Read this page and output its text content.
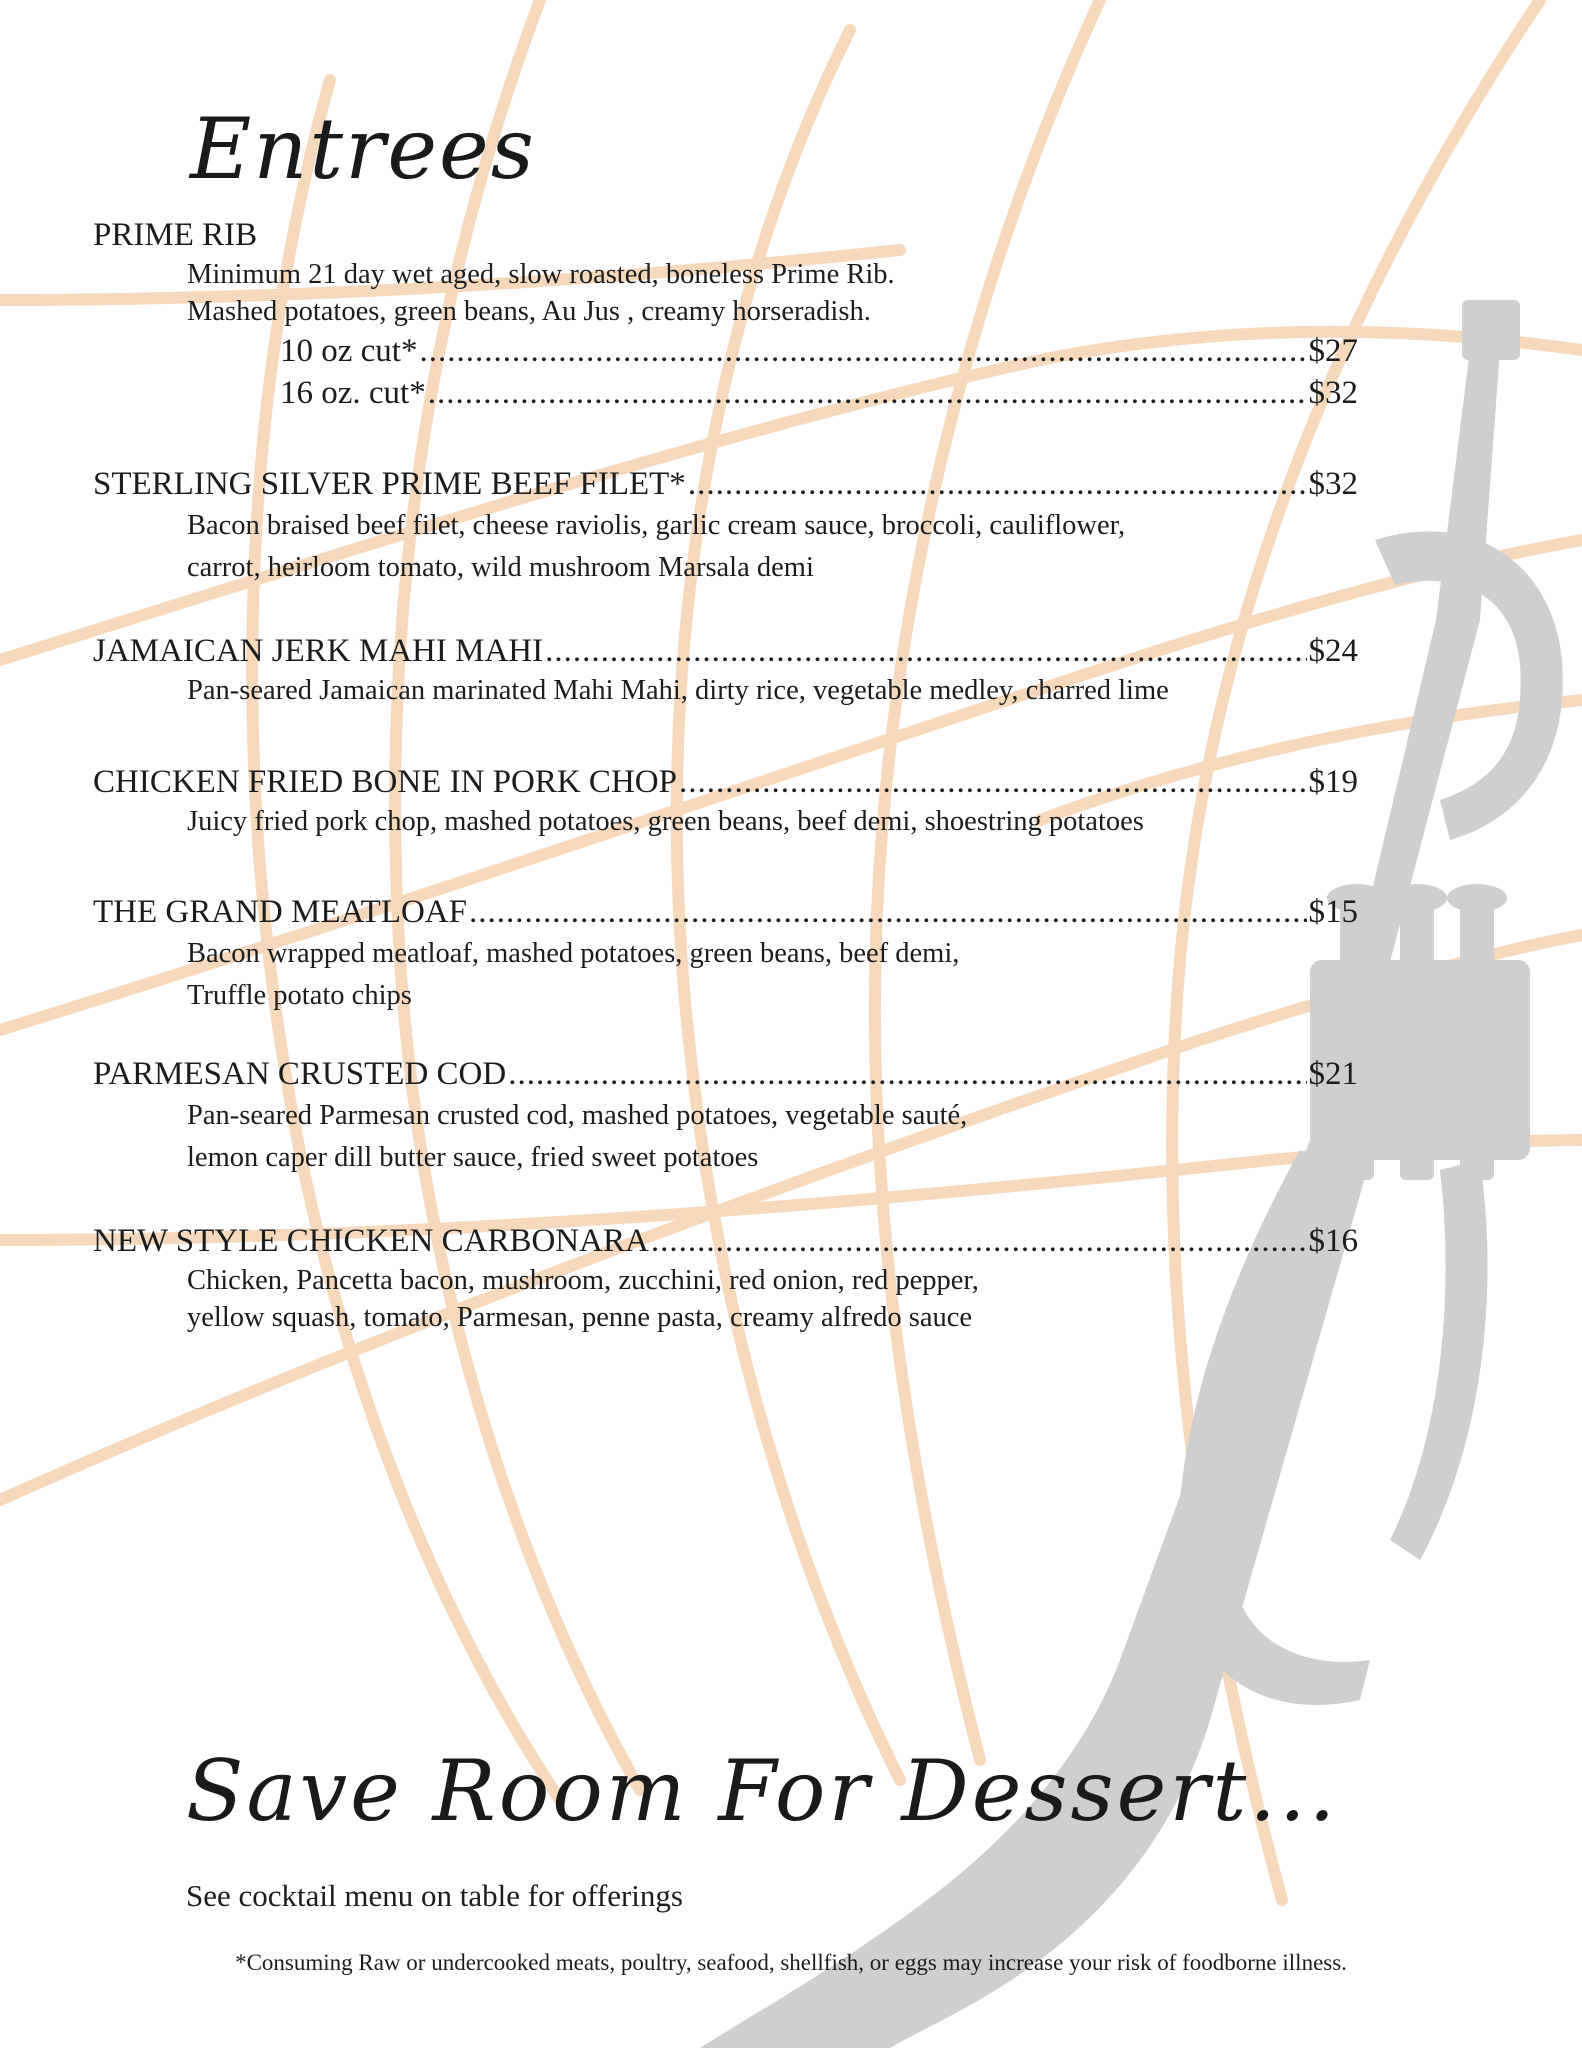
Entrees
PRIME RIB
Minimum 21 day wet aged, slow roasted, boneless Prime Rib.
Mashed potatoes, green beans, Au Jus , creamy horseradish.
10 oz cut* .....	$27
16 oz. cut* .....	$32
STERLING SILVER PRIME BEEF FILET* .....	$32
Bacon braised beef filet, cheese raviolis, garlic cream sauce, broccoli, cauliflower,
carrot, heirloom tomato, wild mushroom Marsala demi
JAMAICAN JERK MAHI MAHI .....	$24
Pan-seared Jamaican marinated Mahi Mahi, dirty rice, vegetable medley, charred lime
CHICKEN FRIED BONE IN PORK CHOP .....	$19
Juicy fried pork chop, mashed potatoes, green beans, beef demi, shoestring potatoes
THE GRAND MEATLOAF .....	$15
Bacon wrapped meatloaf, mashed potatoes, green beans, beef demi,
Truffle potato chips
PARMESAN CRUSTED COD .....	$21
Pan-seared Parmesan crusted cod, mashed potatoes, vegetable sauté,
lemon caper dill butter sauce, fried sweet potatoes
NEW STYLE CHICKEN CARBONARA .....	$16
Chicken, Pancetta bacon, mushroom, zucchini, red onion, red pepper,
yellow squash, tomato, Parmesan, penne pasta, creamy alfredo sauce
Save Room For Dessert...
See cocktail menu on table for offerings
*Consuming Raw or undercooked meats, poultry, seafood, shellfish, or eggs may increase your risk of foodborne illness.
